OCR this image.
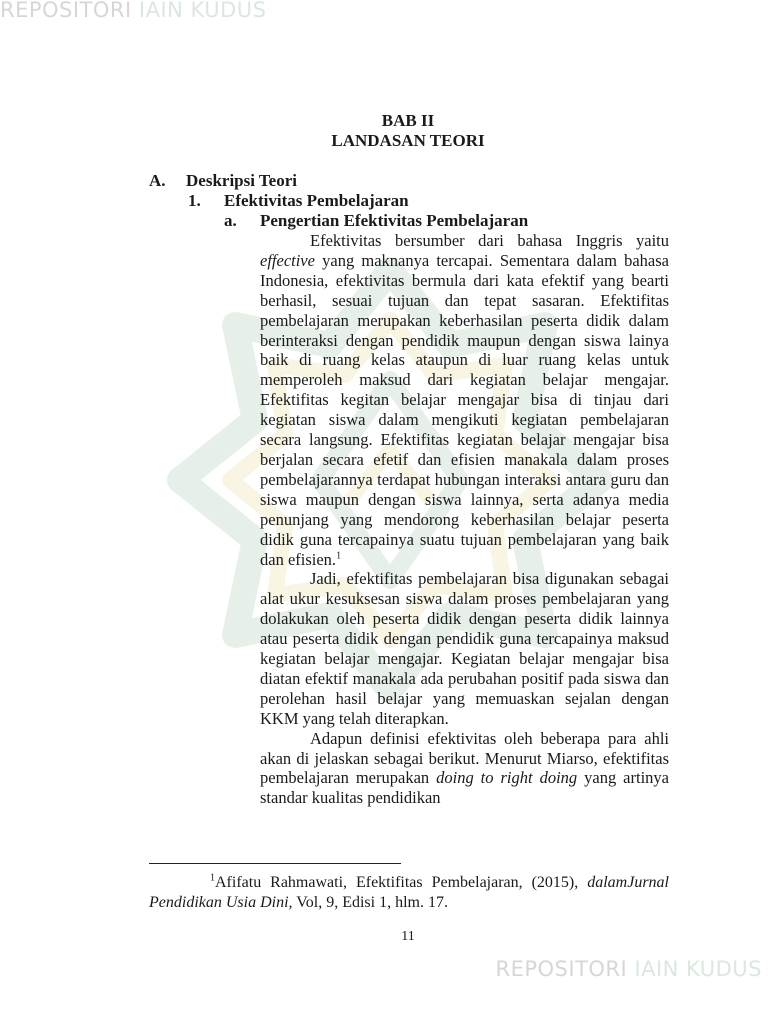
REPOSITORI IAIN KUDUS
BAB II
LANDASAN TEORI
A. Deskripsi Teori
1. Efektivitas Pembelajaran
a. Pengertian Efektivitas Pembelajaran

Efektivitas bersumber dari bahasa Inggris yaitu effective yang maknanya tercapai. Sementara dalam bahasa Indonesia, efektivitas bermula dari kata efektif yang bearti berhasil, sesuai tujuan dan tepat sasaran. Efektifitas pembelajaran merupakan keberhasilan peserta didik dalam berinteraksi dengan pendidik maupun dengan siswa lainya baik di ruang kelas ataupun di luar ruang kelas untuk memperoleh maksud dari kegiatan belajar mengajar. Efektifitas kegitan belajar mengajar bisa di tinjau dari kegiatan siswa dalam mengikuti kegiatan pembelajaran secara langsung. Efektifitas kegiatan belajar mengajar bisa berjalan secara efetif dan efisien manakala dalam proses pembelajarannya terdapat hubungan interaksi antara guru dan siswa maupun dengan siswa lainnya, serta adanya media penunjang yang mendorong keberhasilan belajar peserta didik guna tercapainya suatu tujuan pembelajaran yang baik dan efisien.$^1$

Jadi, efektifitas pembelajaran bisa digunakan sebagai alat ukur kesuksesan siswa dalam proses pembelajaran yang dolakukan oleh peserta didik dengan peserta didik lainnya atau peserta didik dengan pendidik guna tercapainya maksud kegiatan belajar mengajar. Kegiatan belajar mengajar bisa diatan efektif manakala ada perubahan positif pada siswa dan perolehan hasil belajar yang memuaskan sejalan dengan KKM yang telah diterapkan.

Adapun definisi efektivitas oleh beberapa para ahli akan di jelaskan sebagai berikut. Menurut Miarso, efektifitas pembelajaran merupakan doing to right doing yang artinya standar kualitas pendidikan

$^1$Afifatu Rahmawati, Efektifitas Pembelajaran, (2015), dalamJurnal Pendidikan Usia Dini, Vol, 9, Edisi 1, hlm. 17.
11
REPOSITORI IAIN KUDUS
